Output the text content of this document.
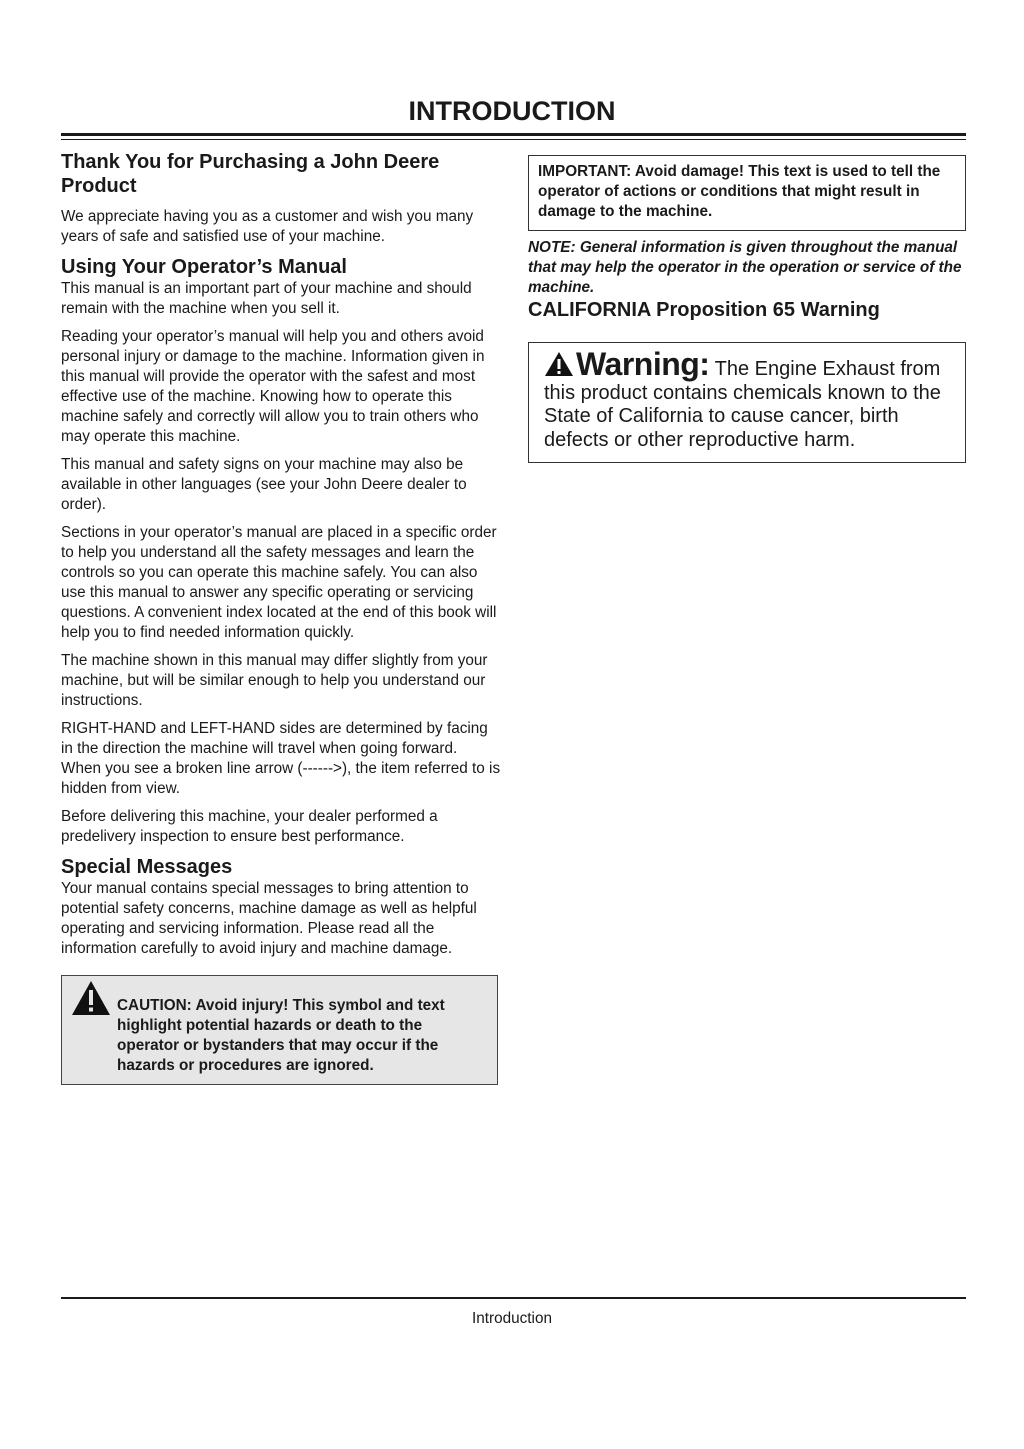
INTRODUCTION
Thank You for Purchasing a John Deere Product

We appreciate having you as a customer and wish you many years of safe and satisfied use of your machine.

Using Your Operator’s Manual

This manual is an important part of your machine and should remain with the machine when you sell it.

Reading your operator’s manual will help you and others avoid personal injury or damage to the machine. Information given in this manual will provide the operator with the safest and most effective use of the machine. Knowing how to operate this machine safely and correctly will allow you to train others who may operate this machine.

This manual and safety signs on your machine may also be available in other languages (see your John Deere dealer to order).

Sections in your operator’s manual are placed in a specific order to help you understand all the safety messages and learn the controls so you can operate this machine safely. You can also use this manual to answer any specific operating or servicing questions. A convenient index located at the end of this book will help you to find needed information quickly.

The machine shown in this manual may differ slightly from your machine, but will be similar enough to help you understand our instructions.

RIGHT-HAND and LEFT-HAND sides are determined by facing in the direction the machine will travel when going forward. When you see a broken line arrow (------>), the item referred to is hidden from view.

Before delivering this machine, your dealer performed a predelivery inspection to ensure best performance.

Special Messages

Your manual contains special messages to bring attention to potential safety concerns, machine damage as well as helpful operating and servicing information. Please read all the information carefully to avoid injury and machine damage.

CAUTION: Avoid injury! This symbol and text highlight potential hazards or death to the operator or bystanders that may occur if the hazards or procedures are ignored.
IMPORTANT: Avoid damage! This text is used to tell the operator of actions or conditions that might result in damage to the machine.
NOTE: General information is given throughout the manual that may help the operator in the operation or service of the machine.
CALIFORNIA Proposition 65 Warning
Warning: The Engine Exhaust from this product contains chemicals known to the State of California to cause cancer, birth defects or other reproductive harm.
Introduction
